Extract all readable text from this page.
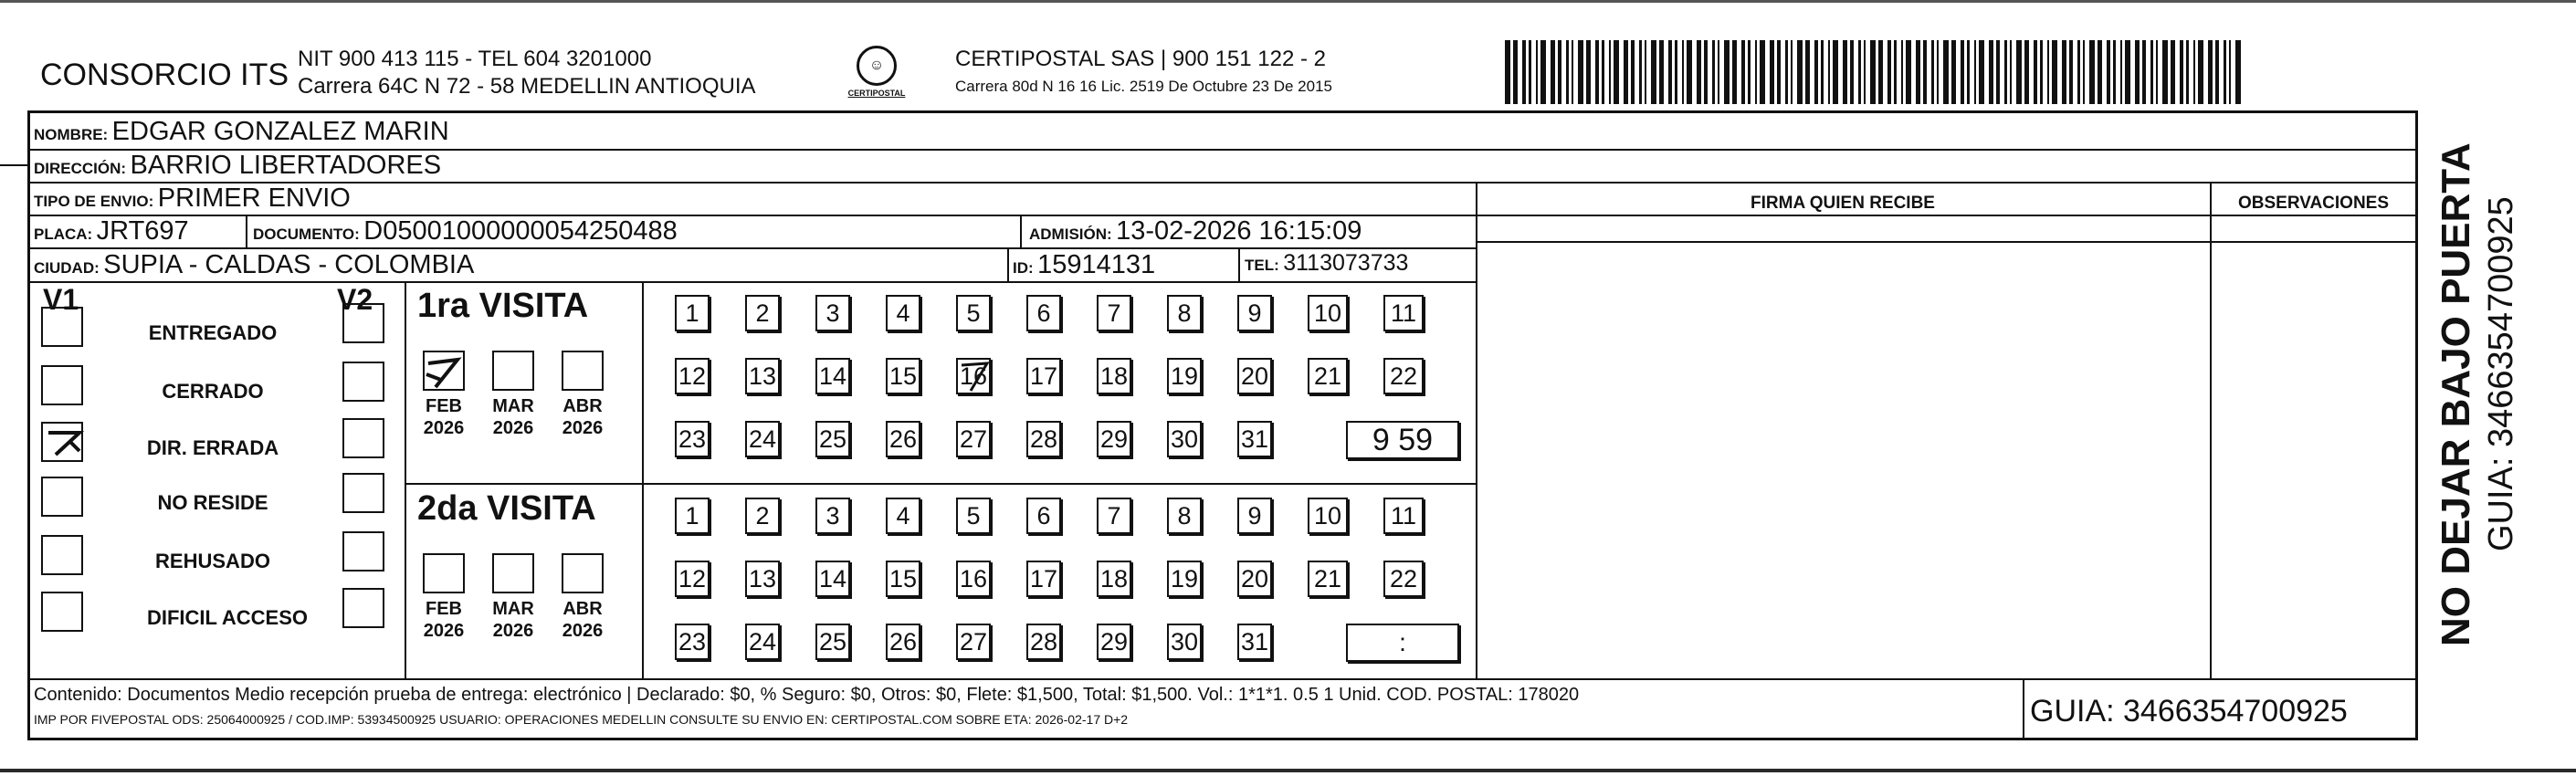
CONSORCIO ITS NIT 900 413 115 - TEL 604 3201000
Carrera 64C N 72 - 58 MEDELLIN ANTIOQUIA
☺
CERTIPOSTAL
CERTIPOSTAL SAS | 900 151 122 - 2
Carrera 80d N 16 16 Lic. 2519 De Octubre 23 De 2015
NOMBRE: EDGAR GONZALEZ MARIN
DIRECCIÓN: BARRIO LIBERTADORES
TIPO DE ENVIO: PRIMER ENVIO
PLACA: JRT697	DOCUMENTO: D05001000000054250488	ADMISIÓN: 13-02-2026 16:15:09
CIUDAD: SUPIA - CALDAS - COLOMBIA	ID: 15914131	TEL: 3113073733
FIRMA QUIEN RECIBE	OBSERVACIONES
V1	V2
ENTREGADO
CERRADO
DIR. ERRADA
NO RESIDE
REHUSADO
DIFICIL ACCESO
1ra VISITA
FEB
2026
MAR
2026
ABR
2026
1 2 3 4 5 6 7 8 9 10 11
12 13 14 15 16 17 18 19 20 21 22
23 24 25 26 27 28 29 30 31	9 59
2da VISITA
FEB
2026
MAR
2026
ABR
2026
1 2 3 4 5 6 7 8 9 10 11
12 13 14 15 16 17 18 19 20 21 22
23 24 25 26 27 28 29 30 31	:
Contenido: Documentos Medio recepción prueba de entrega: electrónico | Declarado: $0, % Seguro: $0, Otros: $0, Flete: $1,500, Total: $1,500. Vol.: 1*1*1. 0.5 1 Unid. COD. POSTAL: 178020
IMP POR FIVEPOSTAL ODS: 25064000925 / COD.IMP: 53934500925 USUARIO: OPERACIONES MEDELLIN CONSULTE SU ENVIO EN: CERTIPOSTAL.COM SOBRE ETA: 2026-02-17 D+2	GUIA: 3466354700925
NO DEJAR BAJO PUERTA GUIA: 3466354700925
